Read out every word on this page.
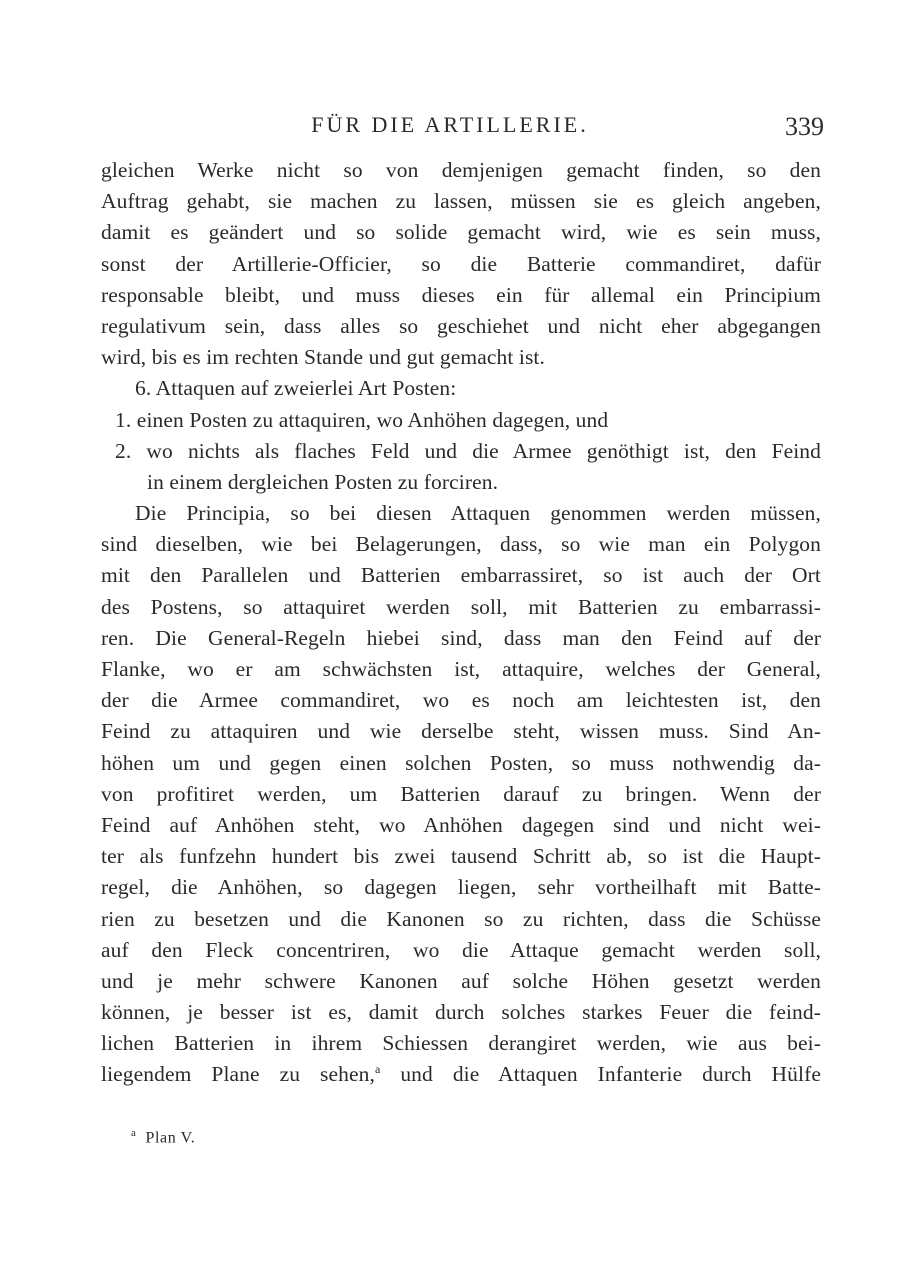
FÜR DIE ARTILLERIE.	339
gleichen Werke nicht so von demjenigen gemacht finden, so den
Auftrag gehabt, sie machen zu lassen, müssen sie es gleich angeben,
damit es geändert und so solide gemacht wird, wie es sein muss,
sonst der Artillerie-Officier, so die Batterie commandiret, dafür
responsable bleibt, und muss dieses ein für allemal ein Principium
regulativum sein, dass alles so geschiehet und nicht eher abgegangen
wird, bis es im rechten Stande und gut gemacht ist.
6. Attaquen auf zweierlei Art Posten:
1. einen Posten zu attaquiren, wo Anhöhen dagegen, und
2. wo nichts als flaches Feld und die Armee genöthigt ist, den Feind
in einem dergleichen Posten zu forciren.
Die Principia, so bei diesen Attaquen genommen werden müssen,
sind dieselben, wie bei Belagerungen, dass, so wie man ein Polygon
mit den Parallelen und Batterien embarrassiret, so ist auch der Ort
des Postens, so attaquiret werden soll, mit Batterien zu embarrassi-
ren. Die General-Regeln hiebei sind, dass man den Feind auf der
Flanke, wo er am schwächsten ist, attaquire, welches der General,
der die Armee commandiret, wo es noch am leichtesten ist, den
Feind zu attaquiren und wie derselbe steht, wissen muss. Sind An-
höhen um und gegen einen solchen Posten, so muss nothwendig da-
von profitiret werden, um Batterien darauf zu bringen. Wenn der
Feind auf Anhöhen steht, wo Anhöhen dagegen sind und nicht wei-
ter als funfzehn hundert bis zwei tausend Schritt ab, so ist die Haupt-
regel, die Anhöhen, so dagegen liegen, sehr vortheilhaft mit Batte-
rien zu besetzen und die Kanonen so zu richten, dass die Schüsse
auf den Fleck concentriren, wo die Attaque gemacht werden soll,
und je mehr schwere Kanonen auf solche Höhen gesetzt werden
können, je besser ist es, damit durch solches starkes Feuer die feind-
lichen Batterien in ihrem Schiessen derangiret werden, wie aus bei-
liegendem Plane zu sehen,$^a$ und die Attaquen Infanterie durch Hülfe
$^a$ Plan V.
